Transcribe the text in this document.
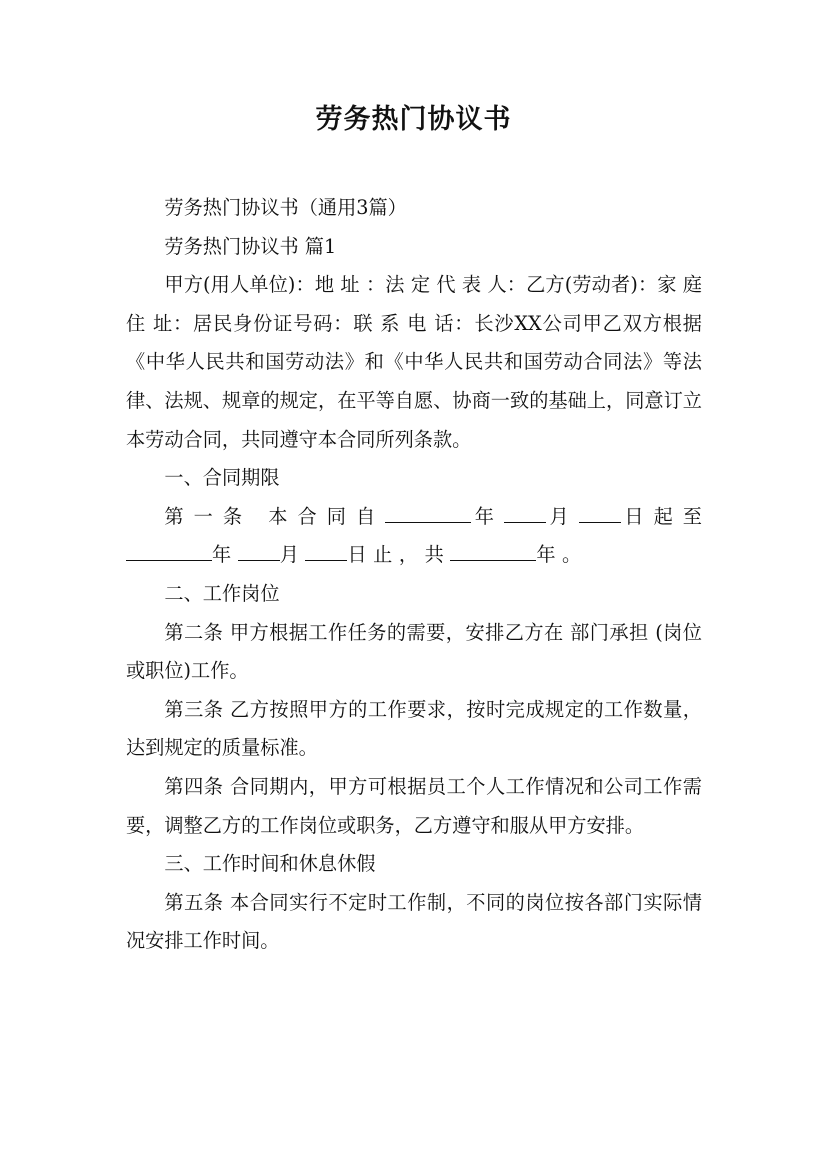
劳务热门协议书

劳务热门协议书（通用3篇）

劳务热门协议书 篇1

甲方(用人单位)：地 址 ：法 定 代 表 人：乙方(劳动者)：家 庭 住 址：居民身份证号码：联 系 电 话：长沙XX公司甲乙双方根据《中华人民共和国劳动法》和《中华人民共和国劳动合同法》等法律、法规、规章的规定，在平等自愿、协商一致的基础上，同意订立本劳动合同，共同遵守本合同所列条款。

一、合同期限

第一条 本合同自	年 月 日起至年 月 日止，共	年。

二、工作岗位

第二条 甲方根据工作任务的需要，安排乙方在 部门承担 (岗位或职位)工作。

第三条 乙方按照甲方的工作要求，按时完成规定的工作数量，达到规定的质量标准。

第四条 合同期内，甲方可根据员工个人工作情况和公司工作需要，调整乙方的工作岗位或职务，乙方遵守和服从甲方安排。

三、工作时间和休息休假

第五条 本合同实行不定时工作制，不同的岗位按各部门实际情况安排工作时间。
